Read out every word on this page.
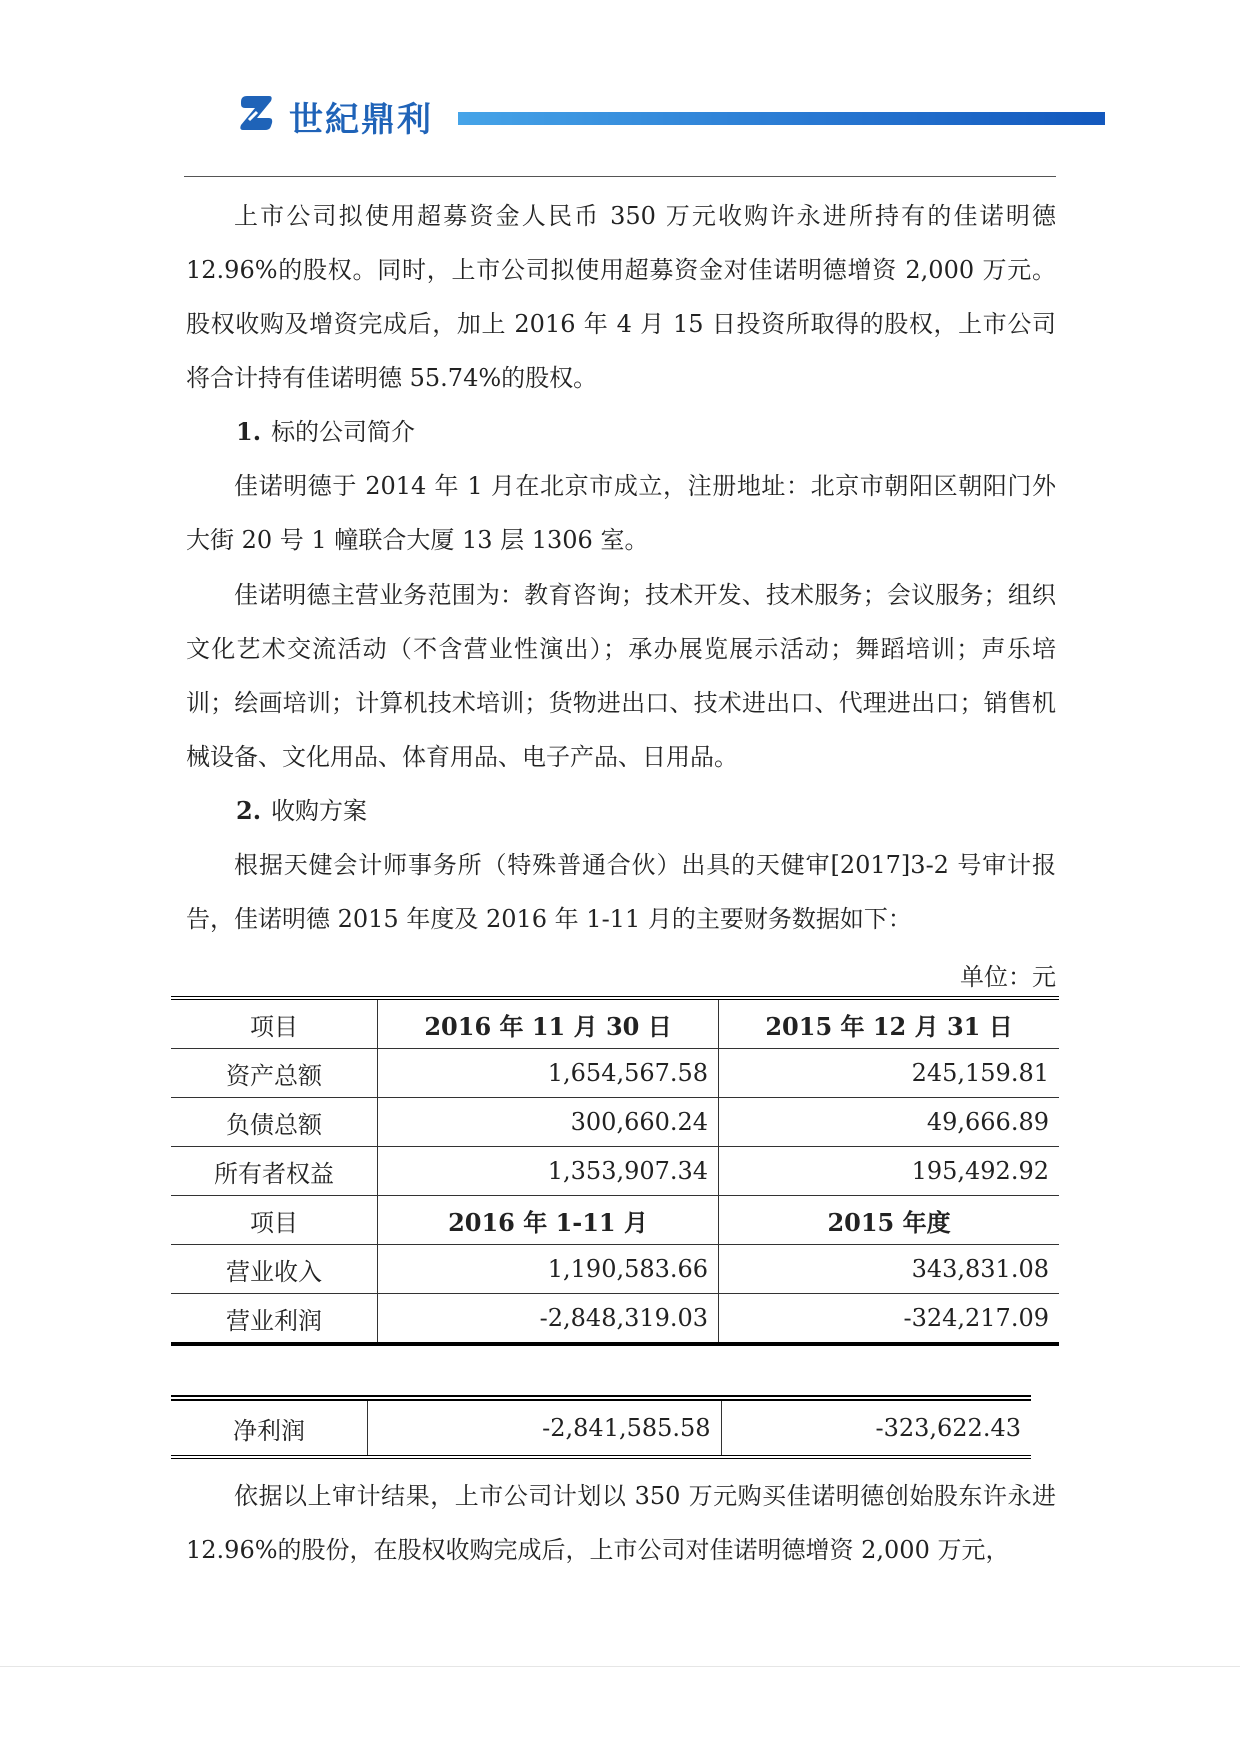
世紀鼎利

上市公司拟使用超募资金人民币 350 万元收购许永进所持有的佳诺明德 12.96%的股权。同时，上市公司拟使用超募资金对佳诺明德增资 2,000 万元。股权收购及增资完成后，加上 2016 年 4 月 15 日投资所取得的股权，上市公司将合计持有佳诺明德 55.74%的股权。

1. 标的公司简介

佳诺明德于 2014 年 1 月在北京市成立，注册地址：北京市朝阳区朝阳门外大街 20 号 1 幢联合大厦 13 层 1306 室。

佳诺明德主营业务范围为：教育咨询；技术开发、技术服务；会议服务；组织文化艺术交流活动（不含营业性演出）；承办展览展示活动；舞蹈培训；声乐培训；绘画培训；计算机技术培训；货物进出口、技术进出口、代理进出口；销售机械设备、文化用品、体育用品、电子产品、日用品。

2. 收购方案

根据天健会计师事务所（特殊普通合伙）出具的天健审[2017]3-2 号审计报告，佳诺明德 2015 年度及 2016 年 1-11 月的主要财务数据如下：

单位：元
项目	2016 年 11 月 30 日	2015 年 12 月 31 日
资产总额	1,654,567.58	245,159.81
负债总额	300,660.24	49,666.89
所有者权益	1,353,907.34	195,492.92
项目	2016 年 1-11 月	2015 年度
营业收入	1,190,583.66	343,831.08
营业利润	-2,848,319.03	-324,217.09
净利润	-2,841,585.58	-323,622.43

依据以上审计结果，上市公司计划以 350 万元购买佳诺明德创始股东许永进 12.96%的股份，在股权收购完成后，上市公司对佳诺明德增资 2,000 万元，
